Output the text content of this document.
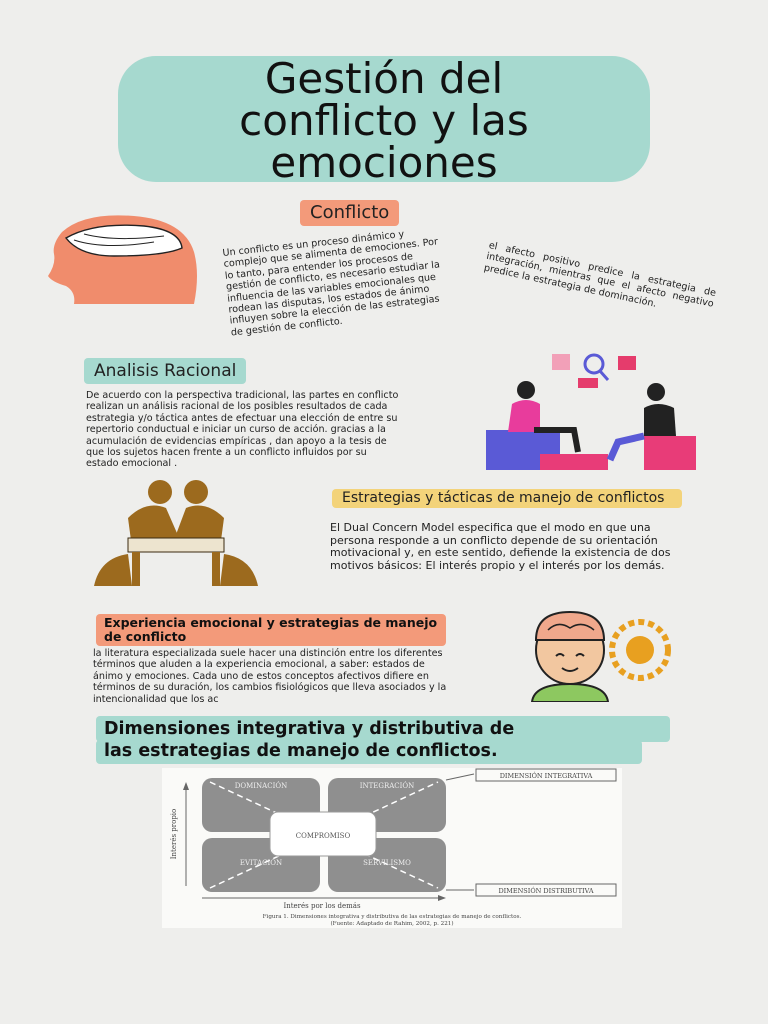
Gestión del
conflicto y las
emociones
Conflicto
Un conflicto es un proceso dinámico y complejo que se alimenta de emociones. Por lo tanto, para entender los procesos de gestión de conflicto, es necesario estudiar la influencia de las variables emocionales que rodean las disputas, los estados de ánimo influyen sobre la elección de las estrategias de gestión de conflicto.
el afecto positivo predice la estrategia de integración, mientras que el afecto negativo predice la estrategia de dominación.
Analisis Racional
De acuerdo con la perspectiva tradicional, las partes en conflicto realizan un análisis racional de los posibles resultados de cada estrategia y/o táctica antes de efectuar una elección de entre su repertorio conductual e iniciar un curso de acción. gracias a la acumulación de evidencias empíricas , dan apoyo a la tesis de que los sujetos hacen frente a un conflicto influidos por su estado emocional .
Estrategias y tácticas de manejo de conflictos
El Dual Concern Model especifica que el modo en que una persona responde a un conflicto depende de su orientación motivacional y, en este sentido, defiende la existencia de dos motivos básicos: El interés propio y el interés por los demás.
Experiencia emocional y estrategias de manejo de conflicto
la literatura especializada suele hacer una distinción entre los diferentes términos que aluden a la experiencia emocional, a saber: estados de ánimo y emociones. Cada uno de estos conceptos afectivos difiere en términos de su duración, los cambios fisiológicos que lleva asociados y la intencionalidad que los ac
Dimensiones integrativa y distributiva de
las estrategias de manejo de conflictos.
DOMINACIÓN	INTEGRACIÓN
EVITACIÓN	SERVILISMO
COMPROMISO
DIMENSIÓN INTEGRATIVA
DIMENSIÓN DISTRIBUTIVA
Interés propio
Interés por los demás
Figura 1. Dimensiones integrativa y distributiva de las estrategias de manejo de conflictos.
(Fuente: Adaptado de Rahim, 2002, p. 221)
